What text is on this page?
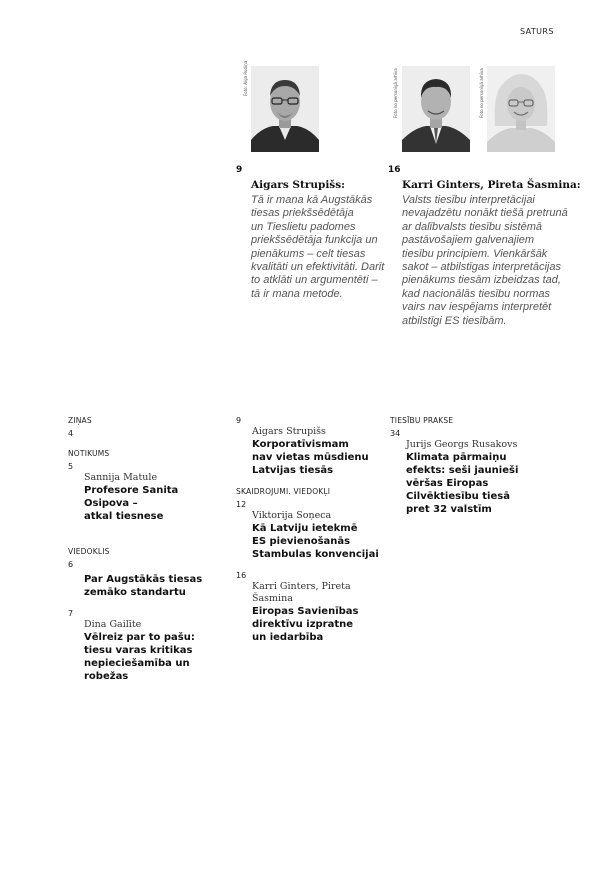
SATURS
Foto: Aiga Rudiņa	Foto no personīgā arhīva	Foto no personīgā arhīva
9
Aigars Strupišs:
Tā ir mana kā Augstākās
tiesas priekšsēdētāja
un Tieslietu padomes
priekšsēdētāja funkcija un
pienākums – celt tiesas
kvalitāti un efektivitāti. Darīt
to atklāti un argumentēti –
tā ir mana metode.
16
Karri Ginters, Pireta Šasmina:
Valsts tiesību interpretācijai
nevajadzētu nonākt tiešā pretrunā
ar dalībvalsts tiesību sistēmā
pastāvošajiem galvenajiem
tiesību principiem. Vienkāršāk
sakot – atbilstīgas interpretācijas
pienākums tiesām izbeidzas tad,
kad nacionālās tiesību normas
vairs nav iespējams interpretēt
atbilstīgi ES tiesībām.
ZIŅAS
4
NOTIKUMS
5
Sannija Matule
Profesore Sanita Osipova –
atkal tiesnese
VIEDOKLIS
6
Par Augstākās tiesas
zemāko standartu
7
Dina Gailīte
Vēlreiz par to pašu:
tiesu varas kritikas
nepieciešamība un
robežas
9
Aigars Strupišs
Korporatīvismam
nav vietas mūsdienu
Latvijas tiesās
SKAIDROJUMI. VIEDOKĻI
12
Viktorija Soņeca
Kā Latviju ietekmē
ES pievienošanās
Stambulas konvencijai
16
Karri Ginters, Pireta Šasmina
Eiropas Savienības
direktīvu izpratne
un iedarbība
TIESĪBU PRAKSE
34
Jurijs Georgs Rusakovs
Klimata pārmaiņu
efekts: seši jaunieši
vēršas Eiropas
Cilvēktiesību tiesā
pret 32 valstīm
